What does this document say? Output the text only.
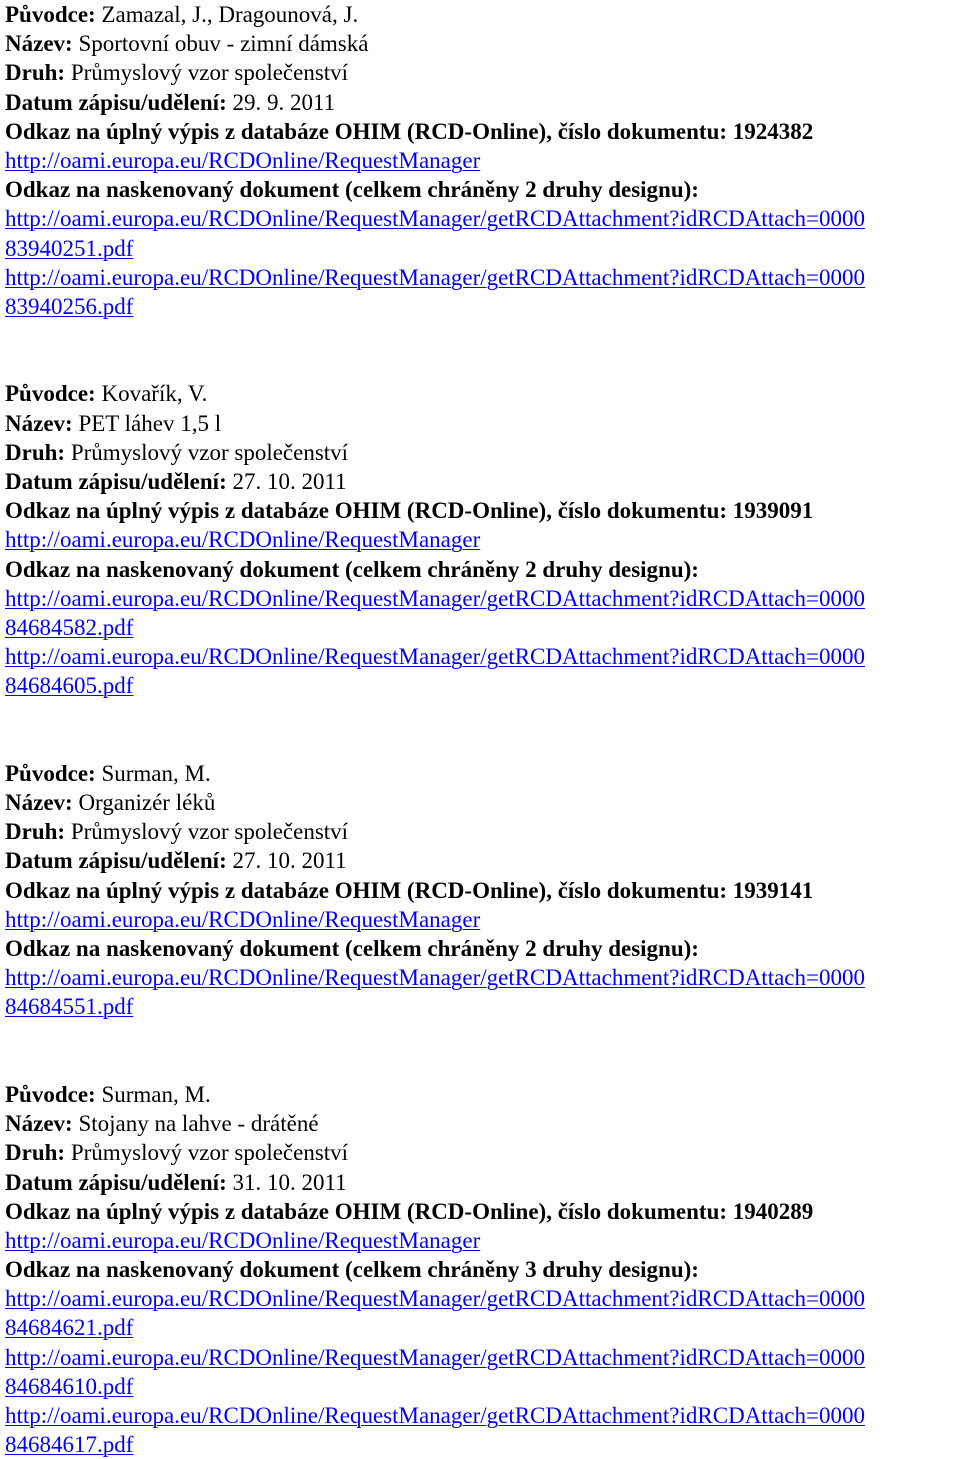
Původce: Zamazal, J., Dragounová, J.
Název: Sportovní obuv - zimní dámská
Druh: Průmyslový vzor společenství
Datum zápisu/udělení: 29. 9. 2011
Odkaz na úplný výpis z databáze OHIM (RCD-Online), číslo dokumentu: 1924382
http://oami.europa.eu/RCDOnline/RequestManager
Odkaz na naskenovaný dokument (celkem chráněny 2 druhy designu):
http://oami.europa.eu/RCDOnline/RequestManager/getRCDAttachment?idRCDAttach=0000
83940251.pdf
http://oami.europa.eu/RCDOnline/RequestManager/getRCDAttachment?idRCDAttach=0000
83940256.pdf
Původce: Kovařík, V.
Název: PET láhev 1,5 l
Druh: Průmyslový vzor společenství
Datum zápisu/udělení: 27. 10. 2011
Odkaz na úplný výpis z databáze OHIM (RCD-Online), číslo dokumentu: 1939091
http://oami.europa.eu/RCDOnline/RequestManager
Odkaz na naskenovaný dokument (celkem chráněny 2 druhy designu):
http://oami.europa.eu/RCDOnline/RequestManager/getRCDAttachment?idRCDAttach=0000
84684582.pdf
http://oami.europa.eu/RCDOnline/RequestManager/getRCDAttachment?idRCDAttach=0000
84684605.pdf
Původce: Surman, M.
Název: Organizér léků
Druh: Průmyslový vzor společenství
Datum zápisu/udělení: 27. 10. 2011
Odkaz na úplný výpis z databáze OHIM (RCD-Online), číslo dokumentu: 1939141
http://oami.europa.eu/RCDOnline/RequestManager
Odkaz na naskenovaný dokument (celkem chráněny 2 druhy designu):
http://oami.europa.eu/RCDOnline/RequestManager/getRCDAttachment?idRCDAttach=0000
84684551.pdf
Původce: Surman, M.
Název: Stojany na lahve - drátěné
Druh: Průmyslový vzor společenství
Datum zápisu/udělení: 31. 10. 2011
Odkaz na úplný výpis z databáze OHIM (RCD-Online), číslo dokumentu: 1940289
http://oami.europa.eu/RCDOnline/RequestManager
Odkaz na naskenovaný dokument (celkem chráněny 3 druhy designu):
http://oami.europa.eu/RCDOnline/RequestManager/getRCDAttachment?idRCDAttach=0000
84684621.pdf
http://oami.europa.eu/RCDOnline/RequestManager/getRCDAttachment?idRCDAttach=0000
84684610.pdf
http://oami.europa.eu/RCDOnline/RequestManager/getRCDAttachment?idRCDAttach=0000
84684617.pdf
